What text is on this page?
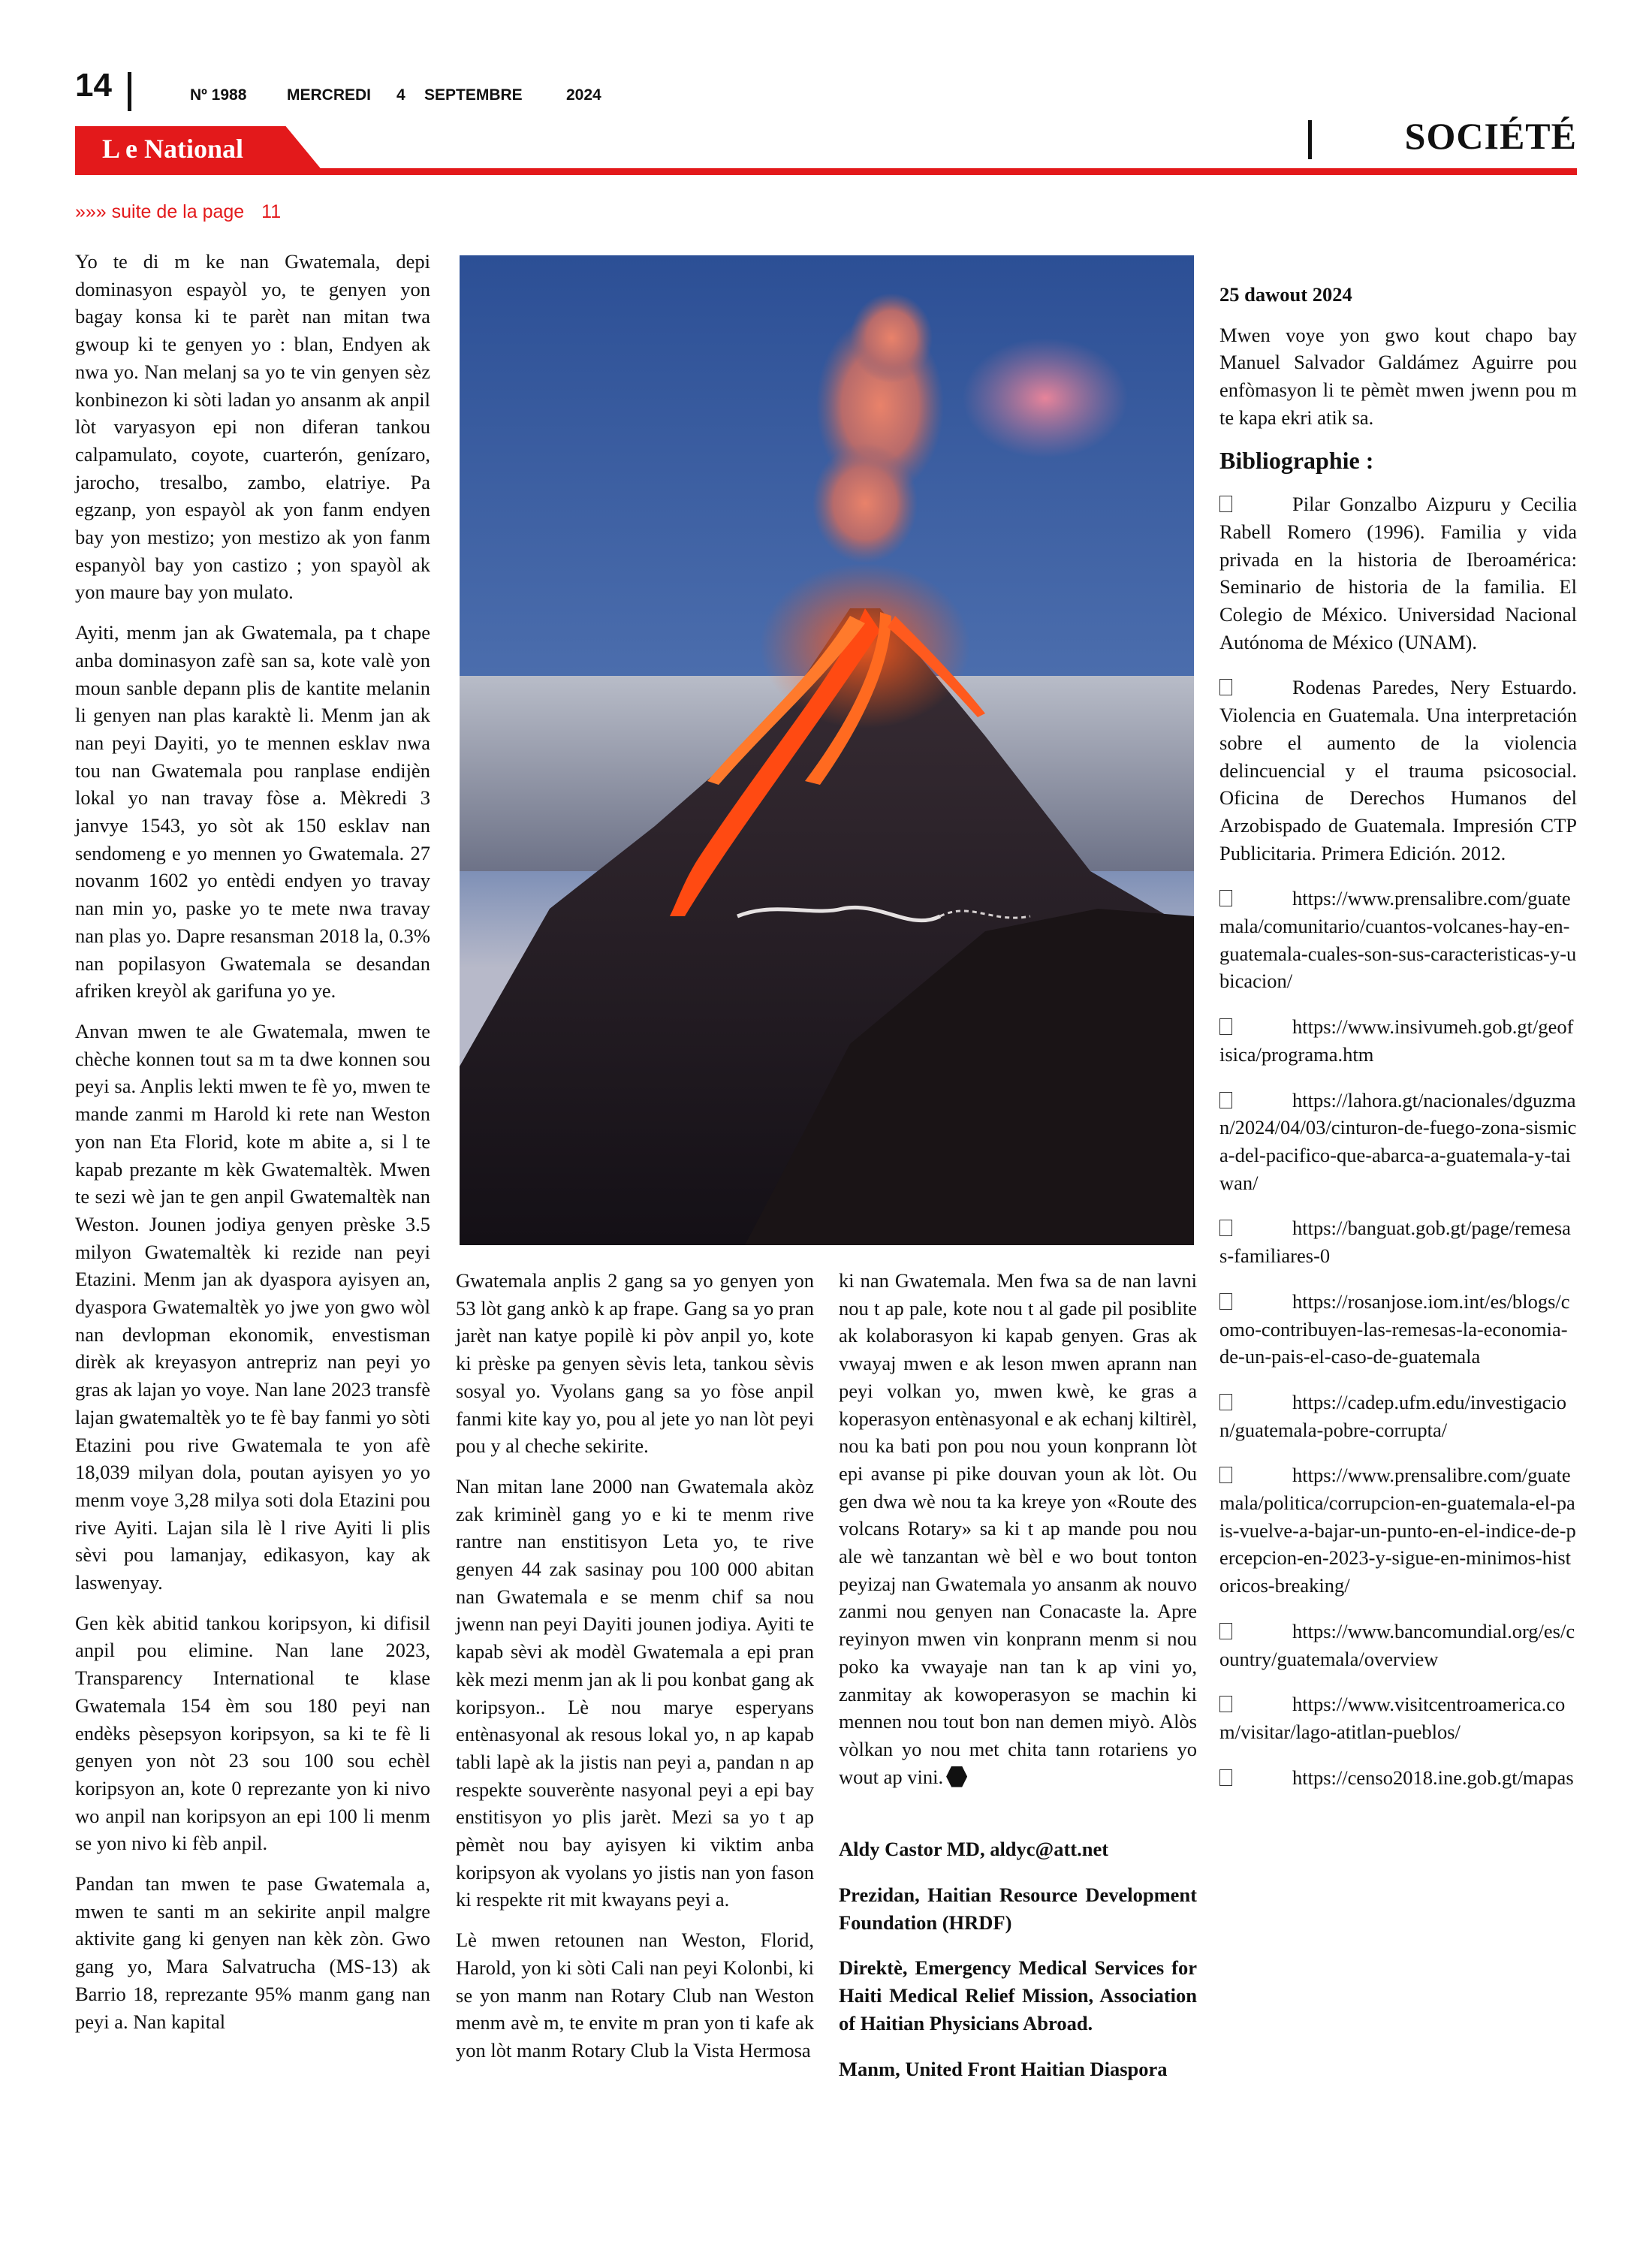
14	Nº 1988	MERCREDI 4 SEPTEMBRE	2024
L e National	SOCIÉTÉ
»»» suite de la page 11

Yo te di m ke nan Gwatemala, depi dominasyon espayòl yo, te genyen yon bagay konsa ki te parèt nan mitan twa gwoup ki te genyen yo : blan, Endyen ak nwa yo. Nan melanj sa yo te vin genyen sèz konbinezon ki sòti ladan yo ansanm ak anpil lòt varyasyon epi non diferan tankou calpamulato, coyote, cuarterón, genízaro, jarocho, tresalbo, zambo, elatriye. Pa egzanp, yon espayòl ak yon fanm endyen bay yon mestizo; yon mestizo ak yon fanm espanyòl bay yon castizo ; yon spayòl ak yon maure bay yon mulato.

Ayiti, menm jan ak Gwatemala, pa t chape anba dominasyon zafè san sa, kote valè yon moun sanble depann plis de kantite melanin li genyen nan plas karaktè li. Menm jan ak nan peyi Dayiti, yo te mennen esklav nwa tou nan Gwatemala pou ranplase endijèn lokal yo nan travay fòse a. Mèkredi 3 janvye 1543, yo sòt ak 150 esklav nan sendomeng e yo mennen yo Gwatemala. 27 novanm 1602 yo entèdi endyen yo travay nan min yo, paske yo te mete nwa travay nan plas yo. Dapre resansman 2018 la, 0.3% nan popilasyon Gwatemala se desandan afriken kreyòl ak garifuna yo ye.

Anvan mwen te ale Gwatemala, mwen te chèche konnen tout sa m ta dwe konnen sou peyi sa. Anplis lekti mwen te fè yo, mwen te mande zanmi m Harold ki rete nan Weston yon nan Eta Florid, kote m abite a, si l te kapab prezante m kèk Gwatemaltèk. Mwen te sezi wè jan te gen anpil Gwatemaltèk nan Weston. Jounen jodiya genyen prèske 3.5 milyon Gwatemaltèk ki rezide nan peyi Etazini. Menm jan ak dyaspora ayisyen an, dyaspora Gwatemaltèk yo jwe yon gwo wòl nan devlopman ekonomik, envestisman dirèk ak kreyasyon antrepriz nan peyi yo gras ak lajan yo voye. Nan lane 2023 transfè lajan gwatemaltèk yo te fè bay fanmi yo sòti Etazini pou rive Gwatemala te yon afè 18,039 milyan dola, poutan ayisyen yo yo menm voye 3,28 milya soti dola Etazini pou rive Ayiti. Lajan sila lè l rive Ayiti li plis sèvi pou lamanjay, edikasyon, kay ak laswenyay.

Gen kèk abitid tankou koripsyon, ki difisil anpil pou elimine. Nan lane 2023, Transparency International te klase Gwatemala 154 èm sou 180 peyi nan endèks pèsepsyon koripsyon, sa ki te fè li genyen yon nòt 23 sou 100 sou echèl koripsyon an, kote 0 reprezante yon ki nivo wo anpil nan koripsyon an epi 100 li menm se yon nivo ki fèb anpil.

Pandan tan mwen te pase Gwatemala a, mwen te santi m an sekirite anpil malgre aktivite gang ki genyen nan kèk zòn. Gwo gang yo, Mara Salvatrucha (MS-13) ak Barrio 18, reprezante 95% manm gang nan peyi a. Nan kapital

Gwatemala anplis 2 gang sa yo genyen yon 53 lòt gang ankò k ap frape. Gang sa yo pran jarèt nan katye popilè ki pòv anpil yo, kote ki prèske pa genyen sèvis leta, tankou sèvis sosyal yo. Vyolans gang sa yo fòse anpil fanmi kite kay yo, pou al jete yo nan lòt peyi pou y al cheche sekirite.

Nan mitan lane 2000 nan Gwatemala akòz zak kriminèl gang yo e ki te menm rive rantre nan enstitisyon Leta yo, te rive genyen 44 zak sasinay pou 100 000 abitan nan Gwatemala e se menm chif sa nou jwenn nan peyi Dayiti jounen jodiya. Ayiti te kapab sèvi ak modèl Gwatemala a epi pran kèk mezi menm jan ak li pou konbat gang ak koripsyon.. Lè nou marye esperyans entènasyonal ak resous lokal yo, n ap kapab tabli lapè ak la jistis nan peyi a, pandan n ap respekte souverènte nasyonal peyi a epi bay enstitisyon yo plis jarèt. Mezi sa yo t ap pèmèt nou bay ayisyen ki viktim anba koripsyon ak vyolans yo jistis nan yon fason ki respekte rit mit kwayans peyi a.

Lè mwen retounen nan Weston, Florid, Harold, yon ki sòti Cali nan peyi Kolonbi, ki se yon manm nan Rotary Club nan Weston menm avè m, te envite m pran yon ti kafe ak yon lòt manm Rotary Club la Vista Hermosa

ki nan Gwatemala. Men fwa sa de nan lavni nou t ap pale, kote nou t al gade pil posiblite ak kolaborasyon ki kapab genyen. Gras ak vwayaj mwen e ak leson mwen aprann nan peyi volkan yo, mwen kwè, ke gras a koperasyon entènasyonal e ak echanj kiltirèl, nou ka bati pon pou nou youn konprann lòt epi avanse pi pike douvan youn ak lòt. Ou gen dwa wè nou ta ka kreye yon «Route des volcans Rotary» sa ki t ap mande pou nou ale wè tanzantan wè bèl e wo bout tonton peyizaj nan Gwatemala yo ansanm ak nouvo zanmi nou genyen nan Conacaste la. Apre reyinyon mwen vin konprann menm si nou poko ka vwayaje nan tan k ap vini yo, zanmitay ak kowoperasyon se machin ki mennen nou tout bon nan demen miyò. Alòs vòlkan yo nou met chita tann rotariens yo wout ap vini.

Aldy Castor MD, aldyc@att.net

Prezidan, Haitian Resource Development Foundation (HRDF)

Direktè, Emergency Medical Services for Haiti Medical Relief Mission, Association of Haitian Physicians Abroad.

Manm, United Front Haitian Diaspora

25 dawout 2024

Mwen voye yon gwo kout chapo bay Manuel Salvador Galdámez Aguirre pou enfòmasyon li te pèmèt mwen jwenn pou m te kapa ekri atik sa.

Bibliographie :

Pilar Gonzalbo Aizpuru y Cecilia Rabell Romero (1996). Familia y vida privada en la historia de Iberoamérica: Seminario de historia de la familia. El Colegio de México. Universidad Nacional Autónoma de México (UNAM).

Rodenas Paredes, Nery Estuardo. Violencia en Guatemala. Una interpretación sobre el aumento de la violencia delincuencial y el trauma psicosocial. Oficina de Derechos Humanos del Arzobispado de Guatemala. Impresión CTP Publicitaria. Primera Edición. 2012.

https://www.prensalibre.com/guatemala/comunitario/cuantos-volcanes-hay-en-guatemala-cuales-son-sus-caracteristicas-y-ubicacion/

https://www.insivumeh.gob.gt/geofisica/programa.htm

https://lahora.gt/nacionales/dguzman/2024/04/03/cinturon-de-fuego-zona-sismica-del-pacifico-que-abarca-a-guatemala-y-taiwan/

https://banguat.gob.gt/page/remesas-familiares-0

https://rosanjose.iom.int/es/blogs/como-contribuyen-las-remesas-la-economia-de-un-pais-el-caso-de-guatemala

https://cadep.ufm.edu/investigacion/guatemala-pobre-corrupta/

https://www.prensalibre.com/guatemala/politica/corrupcion-en-guatemala-el-pais-vuelve-a-bajar-un-punto-en-el-indice-de-percepcion-en-2023-y-sigue-en-minimos-historicos-breaking/

https://www.bancomundial.org/es/country/guatemala/overview

https://www.visitcentroamerica.com/visitar/lago-atitlan-pueblos/

https://censo2018.ine.gob.gt/mapas
